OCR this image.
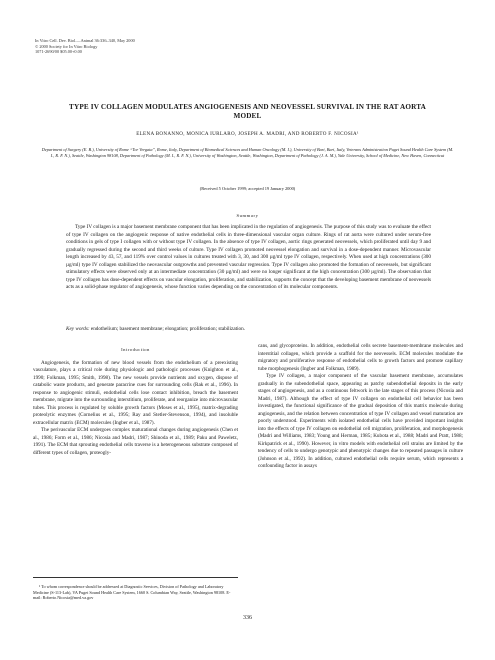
In Vitro Cell. Dev. Biol.—Animal 36:336–340, May 2000
© 2000 Society for In Vitro Biology
1071-2690/00 $05.00+0.00
TYPE IV COLLAGEN MODULATES ANGIOGENESIS AND NEOVESSEL SURVIVAL IN THE RAT AORTA MODEL
ELENA BONANNO, MONICA IURLARO, JOSEPH A. MADRI, AND ROBERTO F. NICOSIA¹
Department of Surgery (E. B.), University of Rome “Tor Vergata”, Rome, Italy, Department of Biomedical Sciences and Human Oncology (M. I.), University of Bari, Bari, Italy, Veterans Administration Puget Sound Health Care System (M. I., R. F. N.), Seattle, Washington 98108, Department of Pathology (M. I., R. F. N.), University of Washington, Seattle, Washington, Department of Pathology (J. A. M.), Yale University, School of Medicine, New Haven, Connecticut
(Received 5 October 1999; accepted 19 January 2000)
Summary

Type IV collagen is a major basement membrane component that has been implicated in the regulation of angiogenesis. The purpose of this study was to evaluate the effect of type IV collagen on the angiogenic response of native endothelial cells in three-dimensional vascular organ culture. Rings of rat aorta were cultured under serum-free conditions in gels of type I collagen with or without type IV collagen. In the absence of type IV collagen, aortic rings generated neovessels, which proliferated until day 9 and gradually regressed during the second and third weeks of culture. Type IV collagen promoted neovessel elongation and survival in a dose-dependent manner. Microvascular length increased by 43, 57, and 119% over control values in cultures treated with 3, 30, and 300 µg/ml type IV collagen, respectively. When used at high concentrations (300 µg/ml) type IV collagen stabilized the neovascular outgrowths and prevented vascular regression. Type IV collagen also promoted the formation of neovessels, but significant stimulatory effects were observed only at an intermediate concentration (30 µg/ml) and were no longer significant at the high concentration (300 µg/ml). The observation that type IV collagen has dose-dependent effects on vascular elongation, proliferation, and stabilization, supports the concept that the developing basement membrane of neovessels acts as a solid-phase regulator of angiogenesis, whose function varies depending on the concentration of its molecular components.

Key words: endothelium; basement membrane; elongation; proliferation; stabilization.
Introduction

Angiogenesis, the formation of new blood vessels from the endothelium of a preexisting vasculature, plays a critical role during physiologic and pathologic processes (Knighton et al., 1990; Folkman, 1995; Smith, 1998). The new vessels provide nutrients and oxygen, dispose of catabolic waste products, and generate paracrine cues for surrounding cells (Rak et al., 1996). In response to angiogenic stimuli, endothelial cells lose contact inhibition, breach the basement membrane, migrate into the surrounding interstitium, proliferate, and reorganize into microvascular tubes. This process is regulated by soluble growth factors (Moses et al., 1995), matrix-degrading proteolytic enzymes (Cornelius et al., 1995; Ray and Stetler-Stevenson, 1994), and insoluble extracellular matrix (ECM) molecules (Ingber et al., 1987).

The perivascular ECM undergoes complex maturational changes during angiogenesis (Chen et al., 1986; Form et al., 1986; Nicosia and Madri, 1987; Shinoda et al., 1989; Paku and Paweletz, 1991). The ECM that sprouting endothelial cells traverse is a heterogeneous substrate composed of different types of collagen, proteogly-

cans, and glycoproteins. In addition, endothelial cells secrete basement-membrane molecules and interstitial collagen, which provide a scaffold for the neovessels. ECM molecules modulate the migratory and proliferative response of endothelial cells to growth factors and promote capillary tube morphogenesis (Ingber and Folkman, 1989).

Type IV collagen, a major component of the vascular basement membrane, accumulates gradually in the subendothelial space, appearing as patchy subendothelial deposits in the early stages of angiogenesis, and as a continuous feltwork in the late stages of this process (Nicosia and Madri, 1987). Although the effect of type IV collagen on endothelial cell behavior has been investigated, the functional significance of the gradual deposition of this matrix molecule during angiogenesis, and the relation between concentration of type IV collagen and vessel maturation are poorly understood. Experiments with isolated endothelial cells have provided important insights into the effects of type IV collagen on endothelial cell migration, proliferation, and morphogenesis (Madri and Williams, 1983; Young and Herman, 1985; Kubota et al., 1988; Madri and Pratt, 1988; Kirkpatrick et al., 1990). However, in vitro models with endothelial cell strains are limited by the tendency of cells to undergo genotypic and phenotypic changes due to repeated passages in culture (Johnson et al., 1992). In addition, cultured endothelial cells require serum, which represents a confounding factor in assays

¹ To whom correspondence should be addressed at Diagnostic Services, Division of Pathology and Laboratory Medicine (S-113-Lab), VA Puget Sound Health Care System, 1660 S. Columbian Way, Seattle, Washington 98108. E-mail: Roberto.Nicosia@med.va.gov

336
